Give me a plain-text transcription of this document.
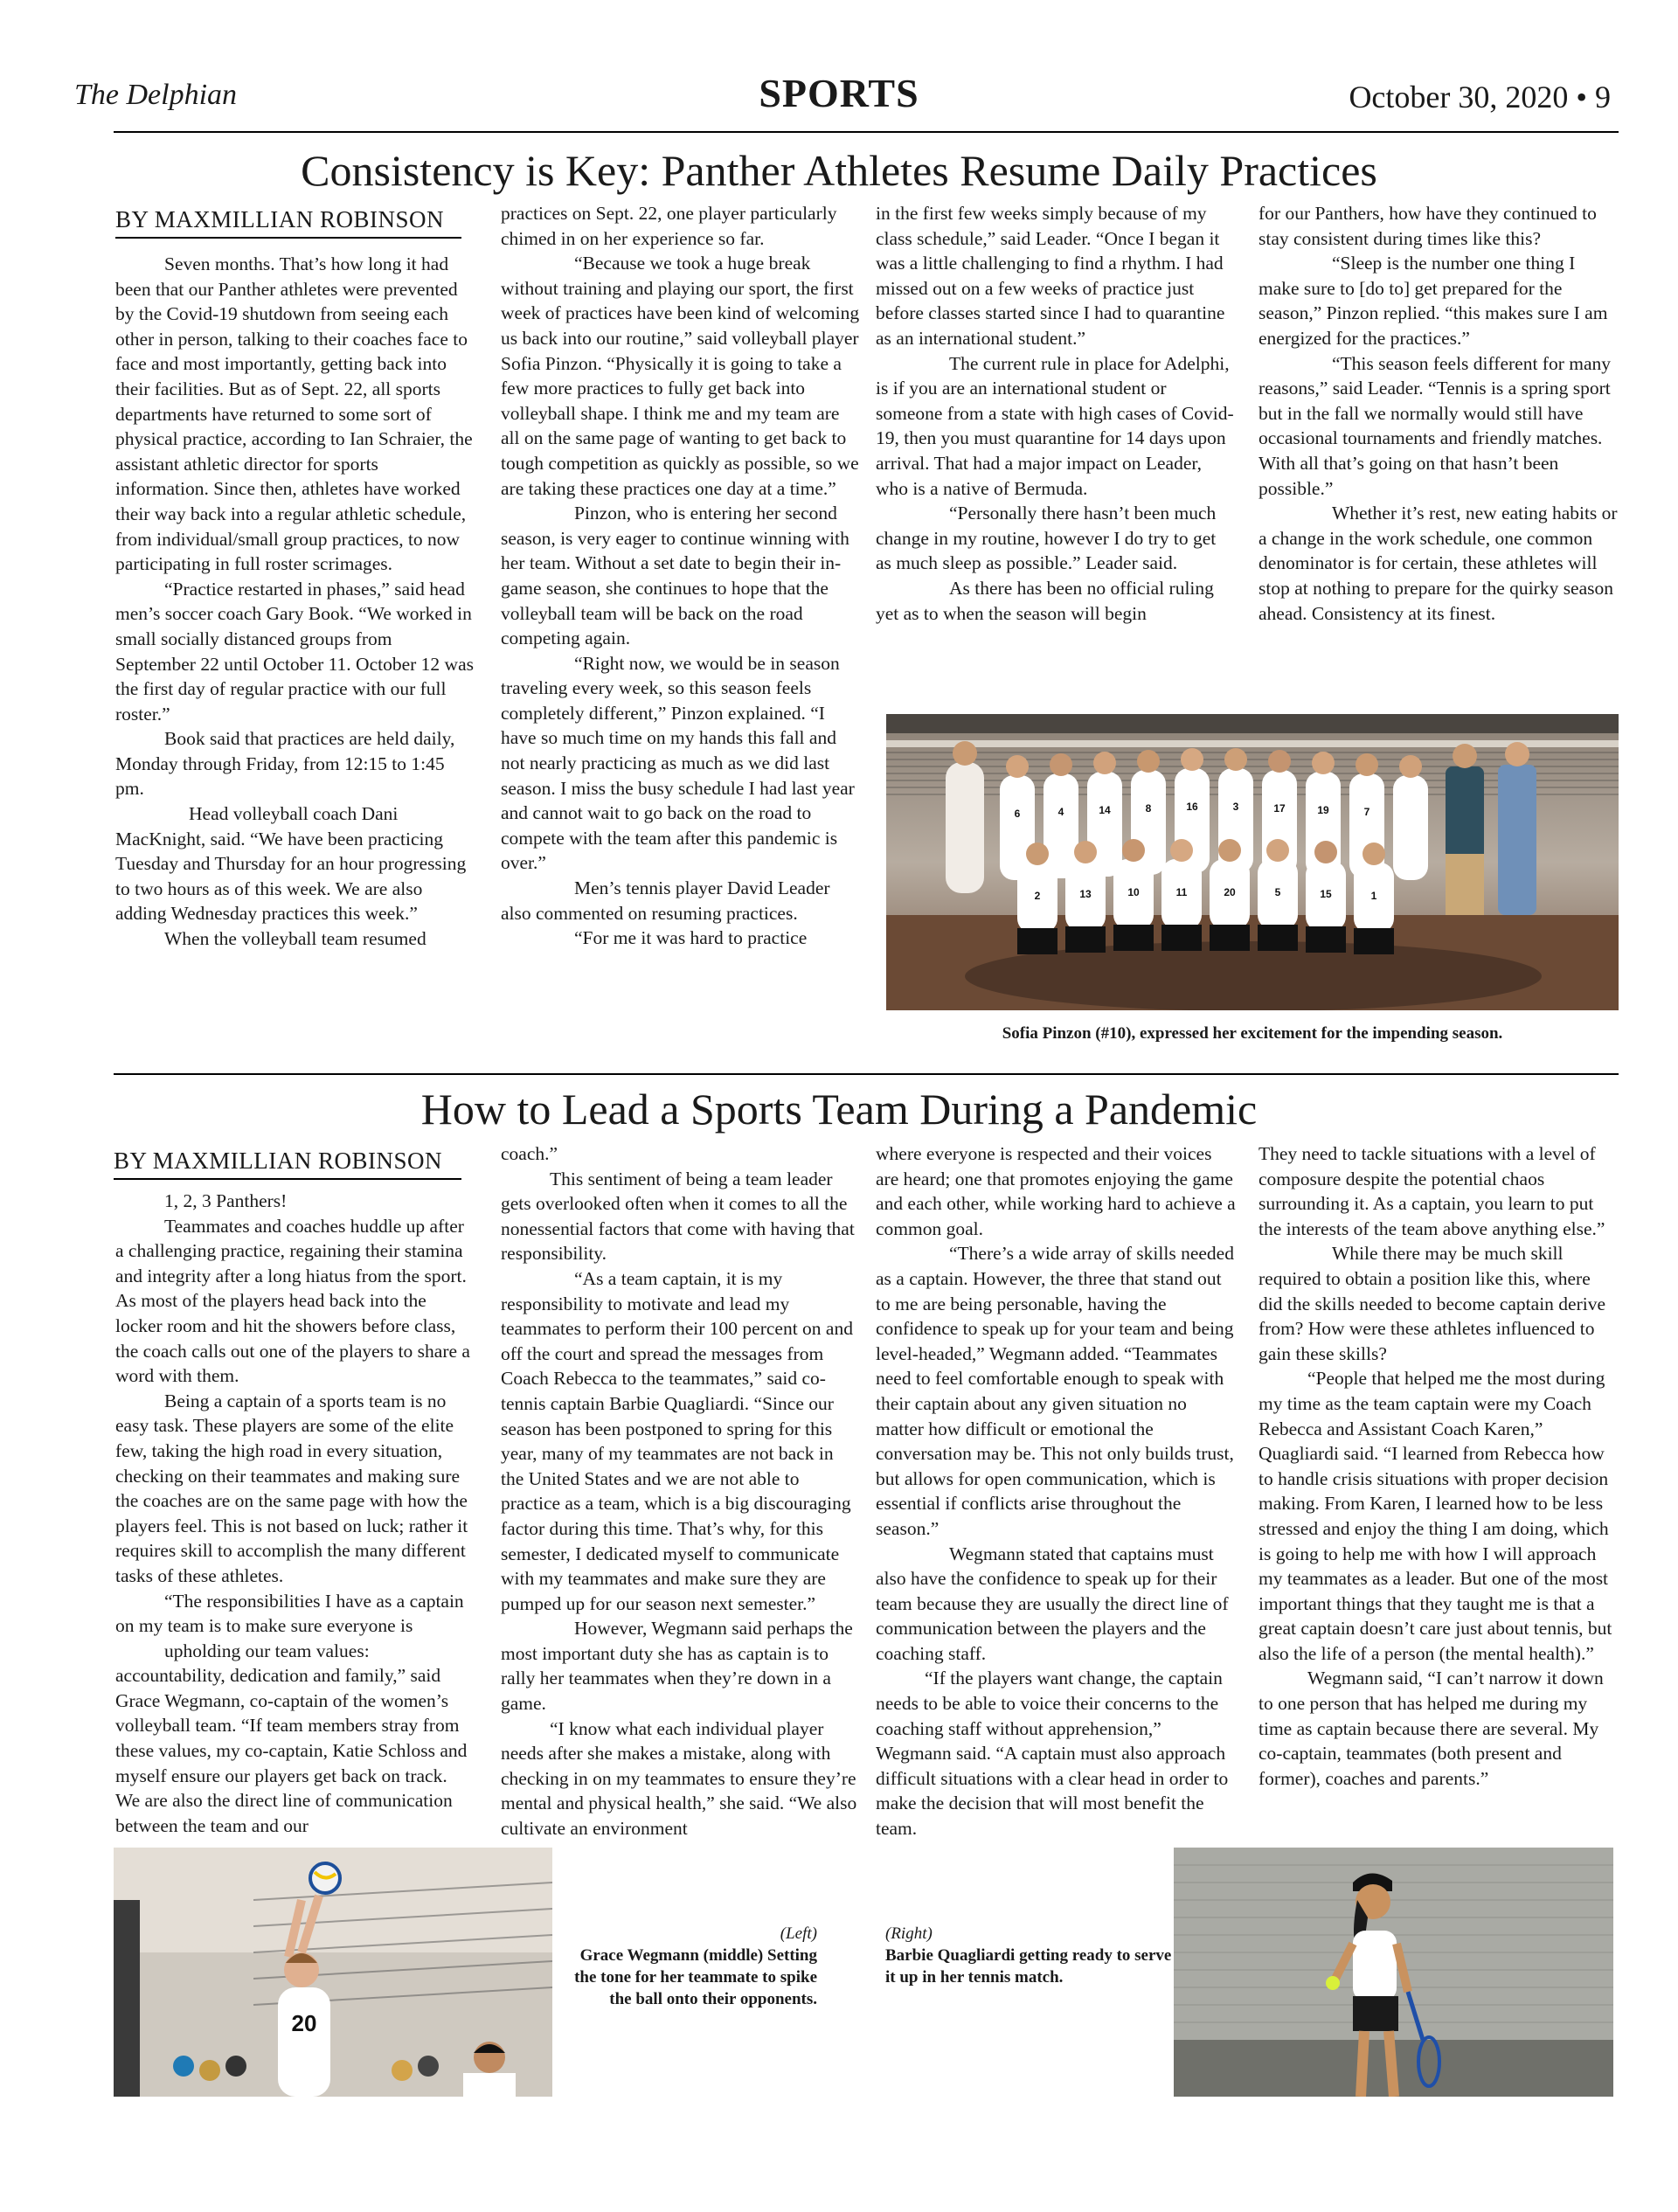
The Delphian	SPORTS	October 30, 2020 • 9
Consistency is Key: Panther Athletes Resume Daily Practices
BY MAXMILLIAN ROBINSON

Seven months. That’s how long it had been that our Panther athletes were prevented by the Covid-19 shutdown from seeing each other in person, talking to their coaches face to face and most importantly, getting back into their facilities. But as of Sept. 22, all sports departments have returned to some sort of physical practice, according to Ian Schraier, the assistant athletic director for sports information. Since then, athletes have worked their way back into a regular athletic schedule, from individual/small group practices, to now participating in full roster scrimages.

“Practice restarted in phases,” said head men’s soccer coach Gary Book. “We worked in small socially distanced groups from September 22 until October 11. October 12 was the first day of regular practice with our full roster.”

Book said that practices are held daily, Monday through Friday, from 12:15 to 1:45 pm.

Head volleyball coach Dani MacKnight, said. “We have been practicing Tuesday and Thursday for an hour progressing to two hours as of this week. We are also adding Wednesday practices this week.”

When the volleyball team resumed

practices on Sept. 22, one player particularly chimed in on her experience so far.

“Because we took a huge break without training and playing our sport, the first week of practices have been kind of welcoming us back into our routine,” said volleyball player Sofia Pinzon. “Physically it is going to take a few more practices to fully get back into volleyball shape. I think me and my team are all on the same page of wanting to get back to tough competition as quickly as possible, so we are taking these practices one day at a time.”

Pinzon, who is entering her second season, is very eager to continue winning with her team. Without a set date to begin their in-game season, she continues to hope that the volleyball team will be back on the road competing again.

“Right now, we would be in season traveling every week, so this season feels completely different,” Pinzon explained. “I have so much time on my hands this fall and not nearly practicing as much as we did last season. I miss the busy schedule I had last year and cannot wait to go back on the road to compete with the team after this pandemic is over.”

Men’s tennis player David Leader also commented on resuming practices.

“For me it was hard to practice

in the first few weeks simply because of my class schedule,” said Leader. “Once I began it was a little challenging to find a rhythm. I had missed out on a few weeks of practice just before classes started since I had to quarantine as an international student.”

The current rule in place for Adelphi, is if you are an international student or someone from a state with high cases of Covid-19, then you must quarantine for 14 days upon arrival. That had a major impact on Leader, who is a native of Bermuda.

“Personally there hasn’t been much change in my routine, however I do try to get as much sleep as possible.” Leader said.

As there has been no official ruling yet as to when the season will begin

for our Panthers, how have they continued to stay consistent during times like this?

“Sleep is the number one thing I make sure to [do to] get prepared for the season,” Pinzon replied. “this makes sure I am energized for the practices.”

“This season feels different for many reasons,” said Leader. “Tennis is a spring sport but in the fall we normally would still have occasional tournaments and friendly matches. With all that’s going on that hasn’t been possible.”

Whether it’s rest, new eating habits or a change in the work schedule, one common denominator is for certain, these athletes will stop at nothing to prepare for the quirky season ahead. Consistency at its finest.

6	4	14	8	16	3	17	19	7
2	13	10	11	20	5	15	1
Sofia Pinzon (#10), expressed her excitement for the impending season.
How to Lead a Sports Team During a Pandemic
BY MAXMILLIAN ROBINSON

1, 2, 3 Panthers!

Teammates and coaches huddle up after a challenging practice, regaining their stamina and integrity after a long hiatus from the sport. As most of the players head back into the locker room and hit the showers before class, the coach calls out one of the players to share a word with them.

Being a captain of a sports team is no easy task. These players are some of the elite few, taking the high road in every situation, checking on their teammates and making sure the coaches are on the same page with how the players feel. This is not based on luck; rather it requires skill to accomplish the many different tasks of these athletes.

“The responsibilities I have as a captain on my team is to make sure everyone is

upholding our team values: accountability, dedication and family,” said Grace Wegmann, co-captain of the women’s volleyball team. “If team members stray from these values, my co-captain, Katie Schloss and myself ensure our players get back on track. We are also the direct line of communication between the team and our

coach.”

This sentiment of being a team leader gets overlooked often when it comes to all the nonessential factors that come with having that responsibility.

“As a team captain, it is my responsibility to motivate and lead my teammates to perform their 100 percent on and off the court and spread the messages from Coach Rebecca to the teammates,” said co-tennis captain Barbie Quagliardi. “Since our season has been postponed to spring for this year, many of my teammates are not back in the United States and we are not able to practice as a team, which is a big discouraging factor during this time. That’s why, for this semester, I dedicated myself to communicate with my teammates and make sure they are pumped up for our season next semester.”

However, Wegmann said perhaps the most important duty she has as captain is to rally her teammates when they’re down in a game.

“I know what each individual player needs after she makes a mistake, along with checking in on my teammates to ensure they’re mental and physical health,” she said. “We also cultivate an environment

where everyone is respected and their voices are heard; one that promotes enjoying the game and each other, while working hard to achieve a common goal.

“There’s a wide array of skills needed as a captain. However, the three that stand out to me are being personable, having the confidence to speak up for your team and being level-headed,” Wegmann added. “Teammates need to feel comfortable enough to speak with their captain about any given situation no matter how difficult or emotional the conversation may be. This not only builds trust, but allows for open communication, which is essential if conflicts arise throughout the season.”

Wegmann stated that captains must also have the confidence to speak up for their team because they are usually the direct line of communication between the players and the coaching staff.

“If the players want change, the captain needs to be able to voice their concerns to the coaching staff without apprehension,” Wegmann said. “A captain must also approach difficult situations with a clear head in order to make the decision that will most benefit the team.

They need to tackle situations with a level of composure despite the potential chaos surrounding it. As a captain, you learn to put the interests of the team above anything else.”

While there may be much skill required to obtain a position like this, where did the skills needed to become captain derive from? How were these athletes influenced to gain these skills?

“People that helped me the most during my time as the team captain were my Coach Rebecca and Assistant Coach Karen,” Quagliardi said. “I learned from Rebecca how to handle crisis situations with proper decision making. From Karen, I learned how to be less stressed and enjoy the thing I am doing, which is going to help me with how I will approach my teammates as a leader. But one of the most important things that they taught me is that a great captain doesn’t care just about tennis, but also the life of a person (the mental health).”

Wegmann said, “I can’t narrow it down to one person that has helped me during my time as captain because there are several. My co-captain, teammates (both present and former), coaches and parents.”

20
(Left)
Grace Wegmann (middle) Setting the tone for her teammate to spike the ball onto their opponents.
(Right)
Barbie Quagliardi getting ready to serve it up in her tennis match.
